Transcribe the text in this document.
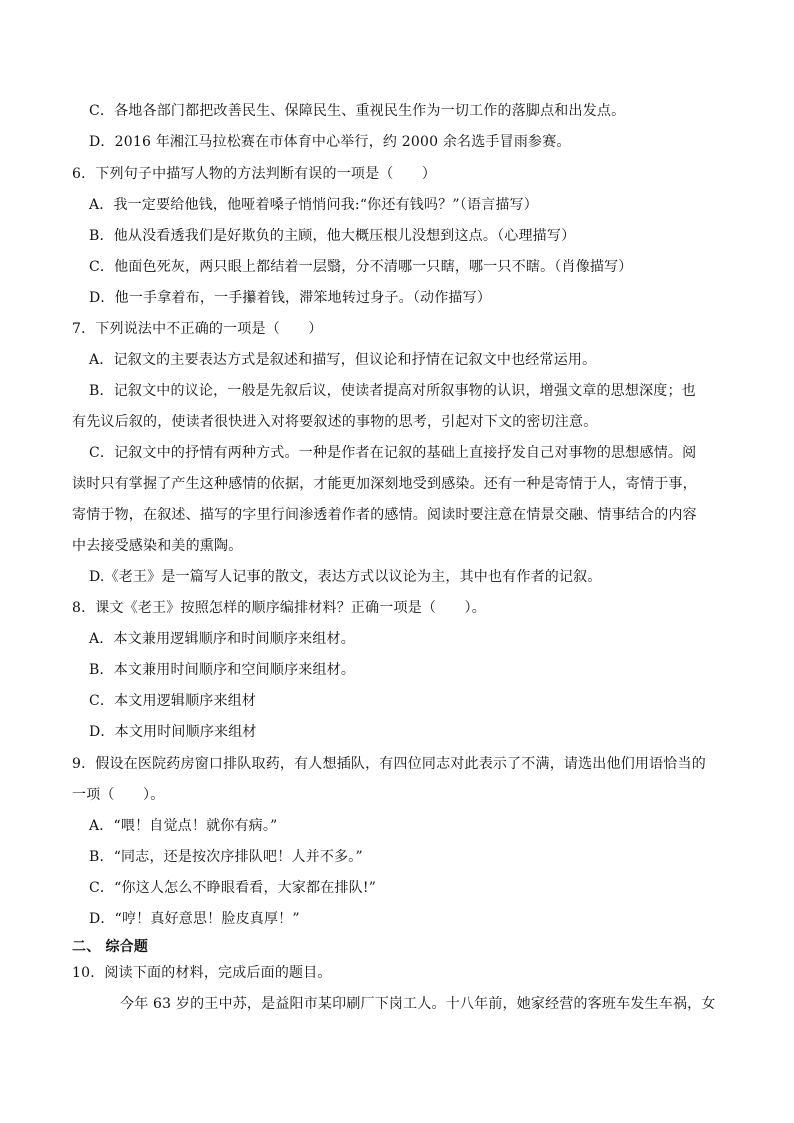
C．各地各部门都把改善民生、保障民生、重视民生作为一切工作的落脚点和出发点。
D．2016 年湘江马拉松赛在市体育中心举行，约 2000 余名选手冒雨参赛。
6．下列句子中描写人物的方法判断有误的一项是（　　）
A．我一定要给他钱，他哑着嗓子悄悄问我:“你还有钱吗？”（语言描写）
B．他从没看透我们是好欺负的主顾，他大概压根儿没想到这点。（心理描写）
C．他面色死灰，两只眼上都结着一层翳，分不清哪一只瞎，哪一只不瞎。（肖像描写）
D．他一手拿着布，一手攥着钱，滞笨地转过身子。（动作描写）
7．下列说法中不正确的一项是（　　）
A．记叙文的主要表达方式是叙述和描写，但议论和抒情在记叙文中也经常运用。
B．记叙文中的议论，一般是先叙后议，使读者提高对所叙事物的认识，增强文章的思想深度；也
有先议后叙的，使读者很快进入对将要叙述的事物的思考，引起对下文的密切注意。
C．记叙文中的抒情有两种方式。一种是作者在记叙的基础上直接抒发自己对事物的思想感情。阅
读时只有掌握了产生这种感情的依据，才能更加深刻地受到感染。还有一种是寄情于人，寄情于事，
寄情于物，在叙述、描写的字里行间渗透着作者的感情。阅读时要注意在情景交融、情事结合的内容
中去接受感染和美的熏陶。
D.《老王》是一篇写人记事的散文，表达方式以议论为主，其中也有作者的记叙。
8．课文《老王》按照怎样的顺序编排材料？正确一项是（　　）。
A．本文兼用逻辑顺序和时间顺序来组材。
B．本文兼用时间顺序和空间顺序来组材。
C．本文用逻辑顺序来组材
D．本文用时间顺序来组材
9．假设在医院药房窗口排队取药，有人想插队，有四位同志对此表示了不满，请选出他们用语恰当的
一项（　　）。
A．“喂！自觉点！就你有病。”
B．“同志，还是按次序排队吧！人并不多。”
C．“你这人怎么不睁眼看看，大家都在排队!”
D．“哼！真好意思！脸皮真厚！”
二、 综合题
10．阅读下面的材料，完成后面的题目。
今年 63 岁的王中苏，是益阳市某印刷厂下岗工人。十八年前，她家经营的客班车发生车祸，女
